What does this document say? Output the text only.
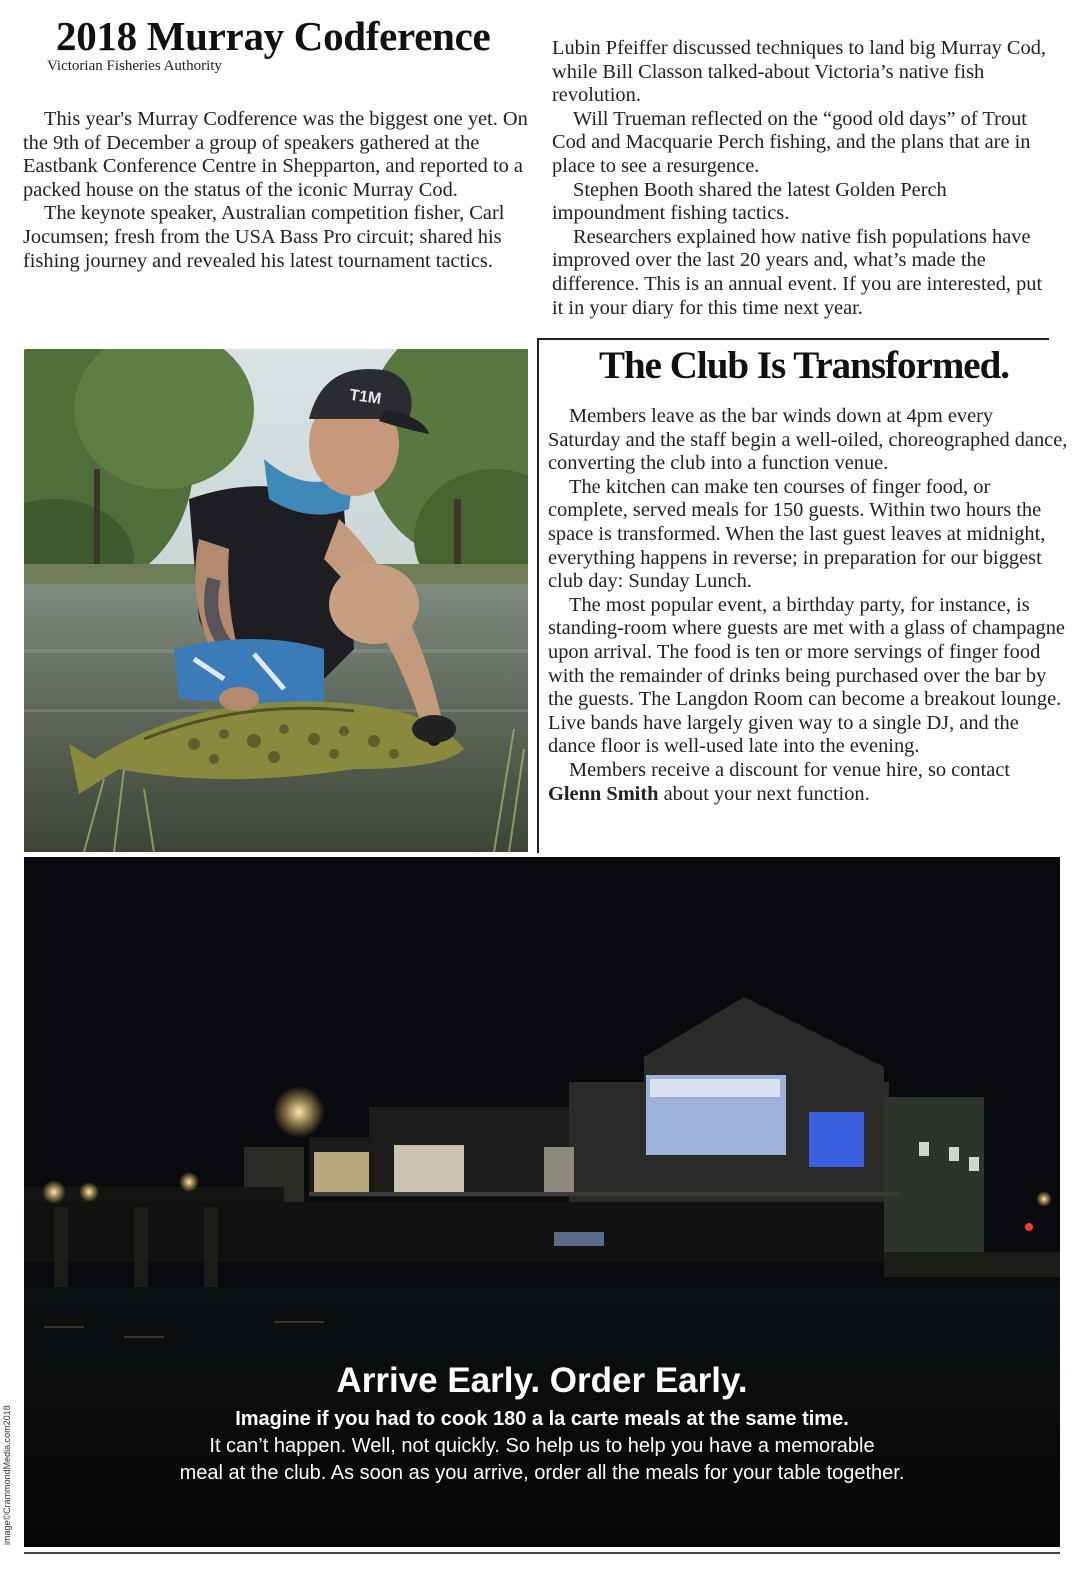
2018 Murray Codference
Victorian Fisheries Authority

This year's Murray Codference was the biggest one yet. On the 9th of December a group of speakers gathered at the Eastbank Conference Centre in Shepparton, and reported to a packed house on the status of the iconic Murray Cod.

The keynote speaker, Australian competition fisher, Carl Jocumsen; fresh from the USA Bass Pro circuit; shared his fishing journey and revealed his latest tournament tactics.

Lubin Pfeiffer discussed techniques to land big Murray Cod, while Bill Classon talked-about Victoria’s native fish revolution.

Will Trueman reflected on the “good old days” of Trout Cod and Macquarie Perch fishing, and the plans that are in place to see a resurgence.

Stephen Booth shared the latest Golden Perch impoundment fishing tactics.

Researchers explained how native fish populations have improved over the last 20 years and, what’s made the difference. This is an annual event. If you are interested, put it in your diary for this time next year.

T1M
The Club Is Transformed.

Members leave as the bar winds down at 4pm every Saturday and the staff begin a well-oiled, choreographed dance, converting the club into a function venue.

The kitchen can make ten courses of finger food, or complete, served meals for 150 guests. Within two hours the space is transformed. When the last guest leaves at midnight, everything happens in reverse; in preparation for our biggest club day: Sunday Lunch.

The most popular event, a birthday party, for instance, is standing-room where guests are met with a glass of champagne upon arrival. The food is ten or more servings of finger food with the remainder of drinks being purchased over the bar by the guests. The Langdon Room can become a breakout lounge.

Live bands have largely given way to a single DJ, and the dance floor is well-used late into the evening.

Members receive a discount for venue hire, so contact Glenn Smith about your next function.

Arrive Early. Order Early.

Imagine if you had to cook 180 a la carte meals at the same time.

It can’t happen. Well, not quickly. So help us to help you have a memorable

meal at the club. As soon as you arrive, order all the meals for your table together.

image©CrammondMedia.com2018
